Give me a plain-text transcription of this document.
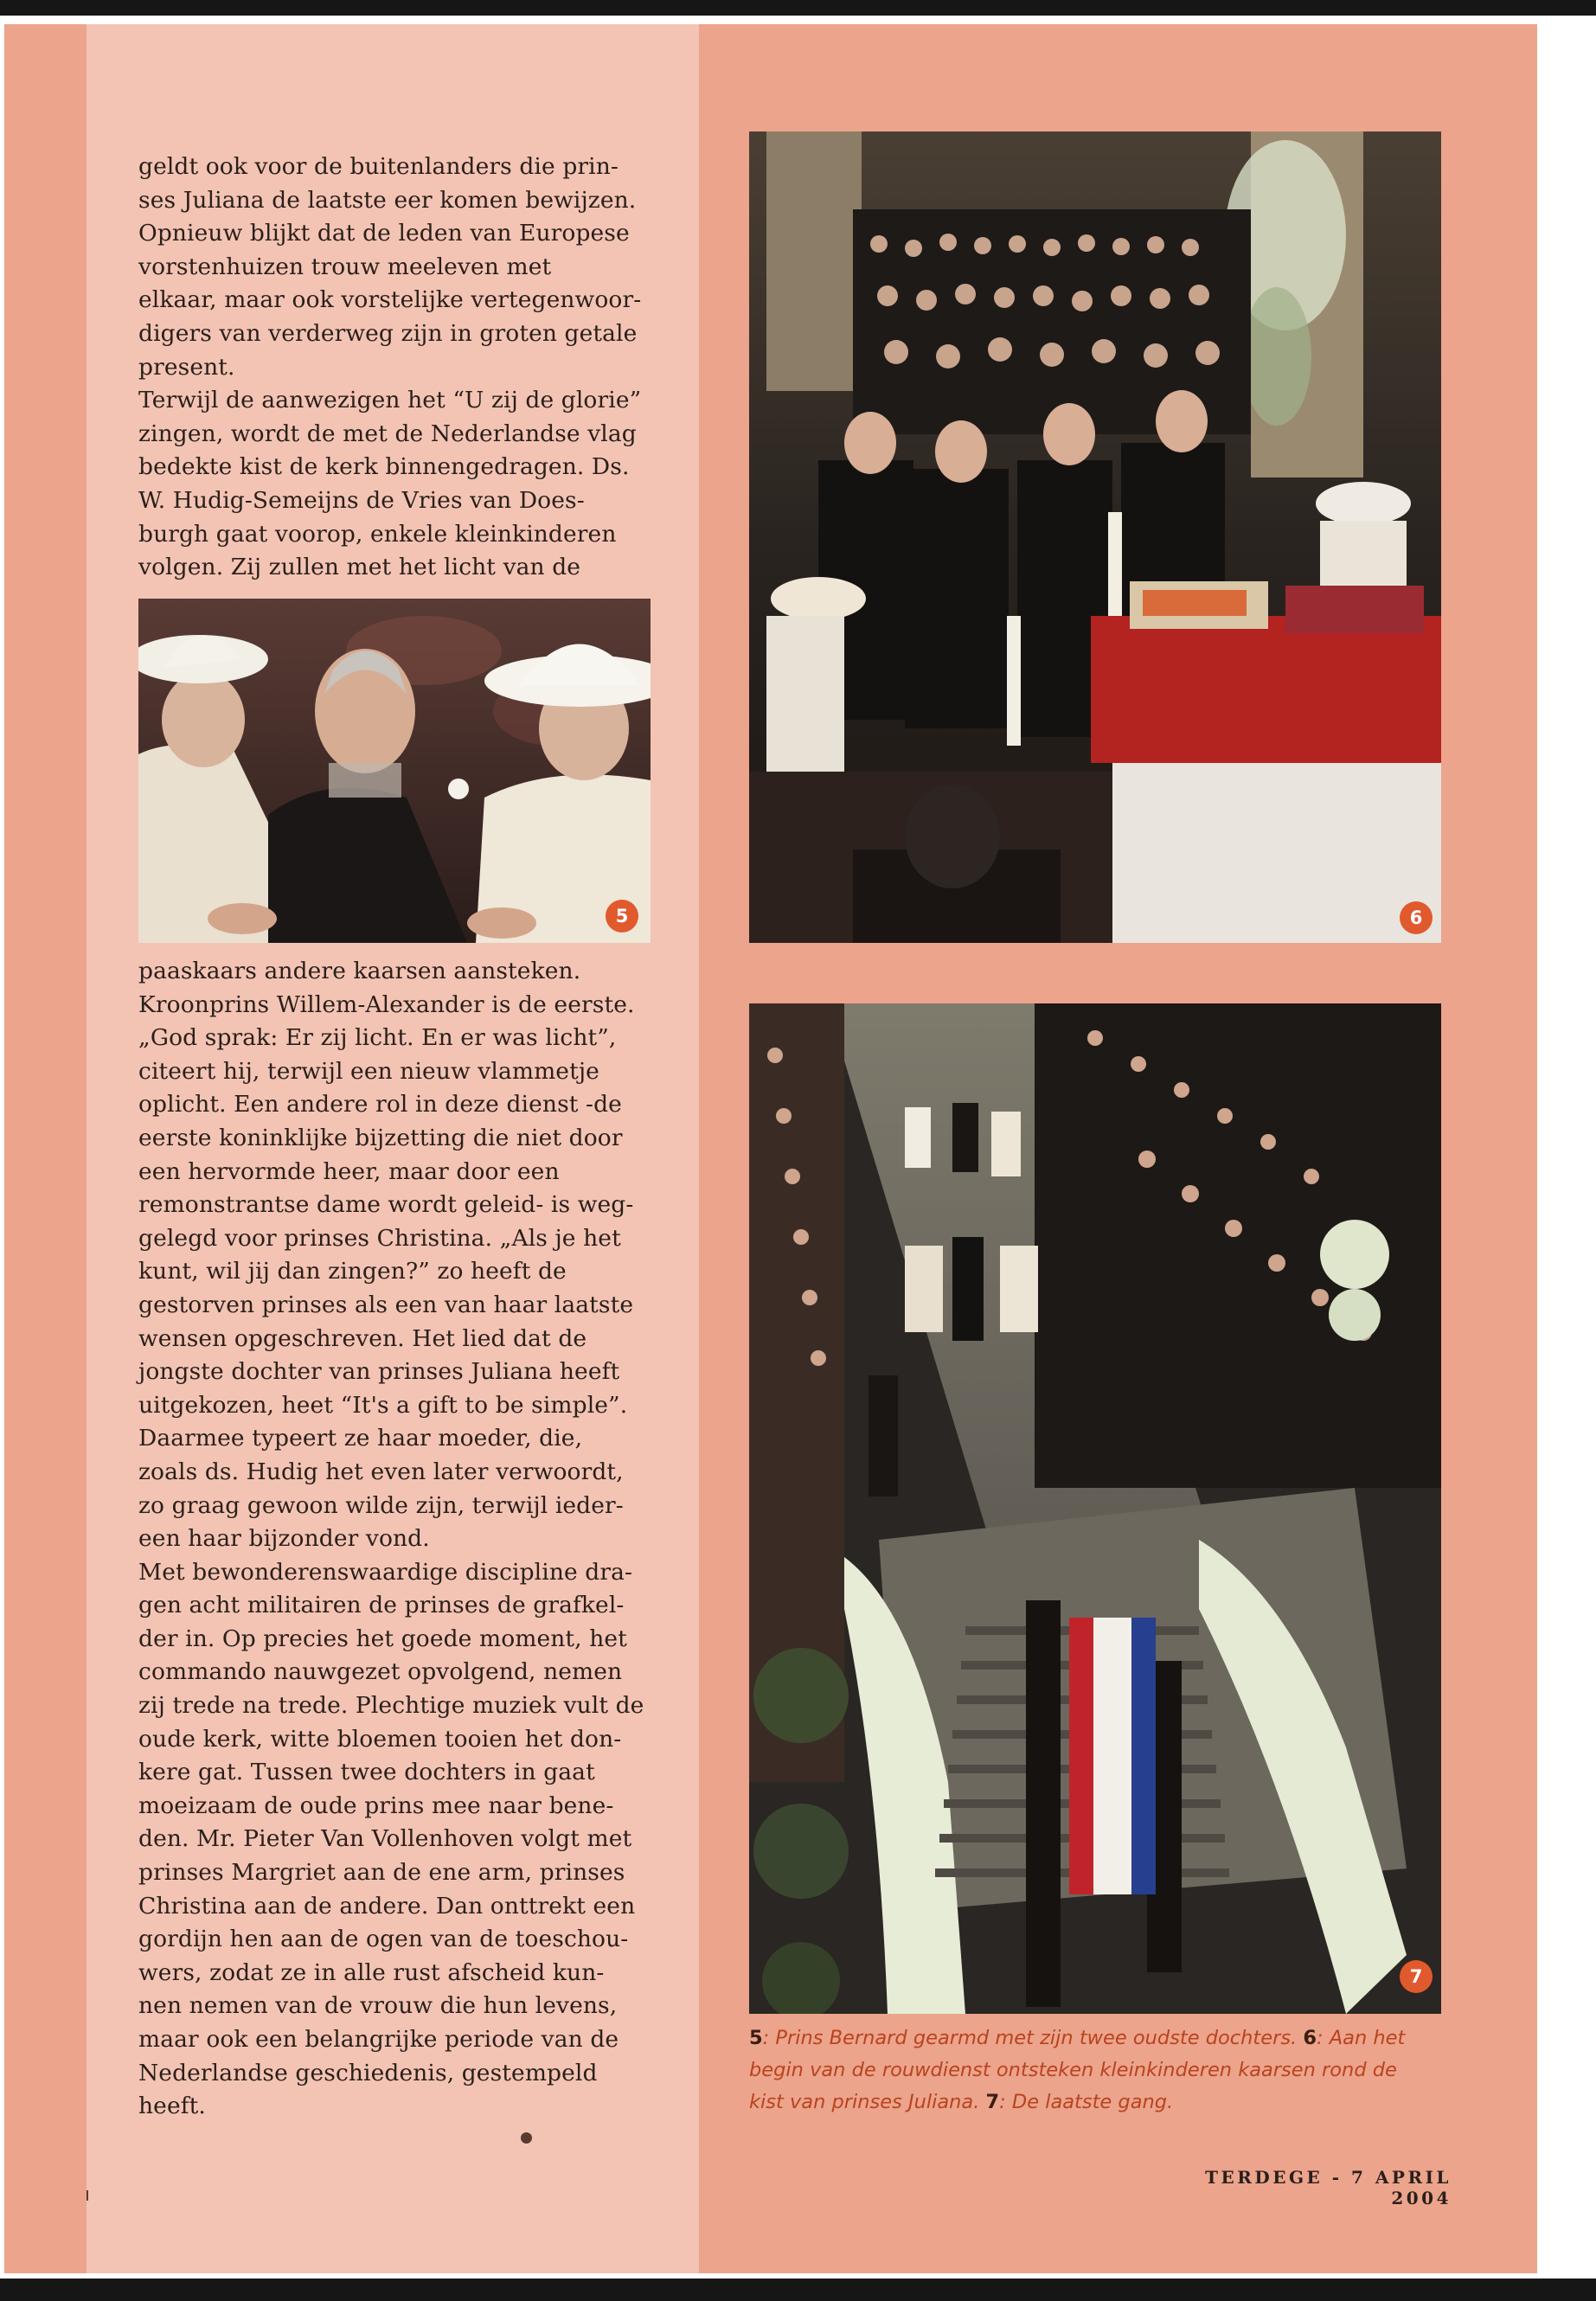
geldt ook voor de buitenlanders die prin-

ses Juliana de laatste eer komen bewijzen.

Opnieuw blijkt dat de leden van Europese

vorstenhuizen trouw meeleven met

elkaar, maar ook vorstelijke vertegenwoor-

digers van verderweg zijn in groten getale

present.

Terwijl de aanwezigen het “U zij de glorie”

zingen, wordt de met de Nederlandse vlag

bedekte kist de kerk binnengedragen. Ds.

W. Hudig-Semeijns de Vries van Does-

burgh gaat voorop, enkele kleinkinderen

volgen. Zij zullen met het licht van de

5

paaskaars andere kaarsen aansteken.

Kroonprins Willem-Alexander is de eerste.

„God sprak: Er zij licht. En er was licht”,

citeert hij, terwijl een nieuw vlammetje

oplicht. Een andere rol in deze dienst -de

eerste koninklijke bijzetting die niet door

een hervormde heer, maar door een

remonstrantse dame wordt geleid- is weg-

gelegd voor prinses Christina. „Als je het

kunt, wil jij dan zingen?” zo heeft de

gestorven prinses als een van haar laatste

wensen opgeschreven. Het lied dat de

jongste dochter van prinses Juliana heeft

uitgekozen, heet “It's a gift to be simple”.

Daarmee typeert ze haar moeder, die,

zoals ds. Hudig het even later verwoordt,

zo graag gewoon wilde zijn, terwijl ieder-

een haar bijzonder vond.

Met bewonderenswaardige discipline dra-

gen acht militairen de prinses de grafkel-

der in. Op precies het goede moment, het

commando nauwgezet opvolgend, nemen

zij trede na trede. Plechtige muziek vult de

oude kerk, witte bloemen tooien het don-

kere gat. Tussen twee dochters in gaat

moeizaam de oude prins mee naar bene-

den. Mr. Pieter Van Vollenhoven volgt met

prinses Margriet aan de ene arm, prinses

Christina aan de andere. Dan onttrekt een

gordijn hen aan de ogen van de toeschou-

wers, zodat ze in alle rust afscheid kun-

nen nemen van de vrouw die hun levens,

maar ook een belangrijke periode van de

Nederlandse geschiedenis, gestempeld

heeft.

6
7
5: Prins Bernard gearmd met zijn twee oudste dochters. 6: Aan het begin van de rouwdienst ontsteken kleinkinderen kaarsen rond de kist van prinses Juliana. 7: De laatste gang.
TERDEGE - 7 APRIL 2004
